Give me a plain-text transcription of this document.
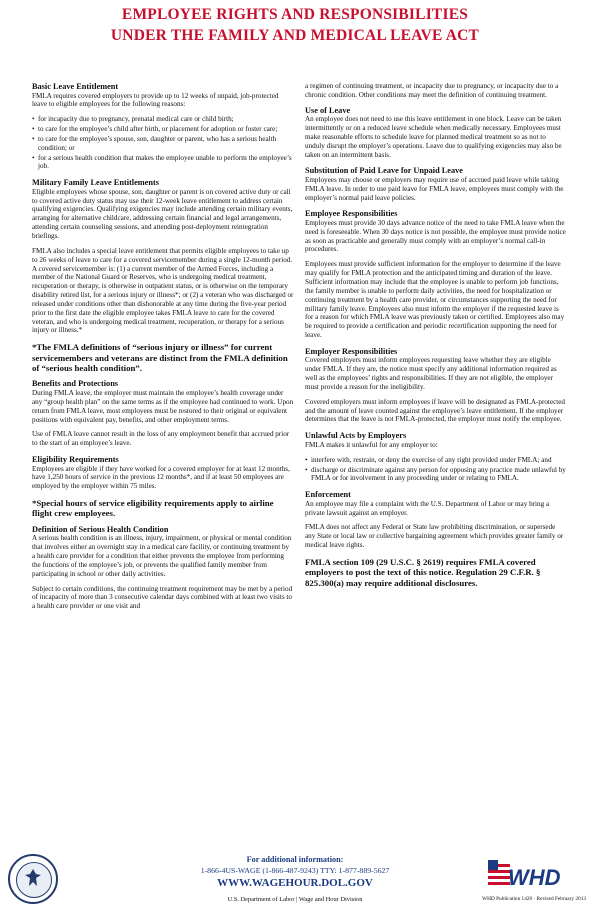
EMPLOYEE RIGHTS AND RESPONSIBILITIES
UNDER THE FAMILY AND MEDICAL LEAVE ACT
Basic Leave Entitlement

FMLA requires covered employers to provide up to 12 weeks of unpaid, job-protected leave to eligible employees for the following reasons:

• for incapacity due to pregnancy, prenatal medical care or child birth;
• to care for the employee’s child after birth, or placement for adoption or foster care;
• to care for the employee’s spouse, son, daughter or parent, who has a serious health condition; or
• for a serious health condition that makes the employee unable to perform the employee’s job.
Military Family Leave Entitlements

Eligible employees whose spouse, son, daughter or parent is on covered active duty or call to covered active duty status may use their 12-week leave entitlement to address certain qualifying exigencies. Qualifying exigencies may include attending certain military events, arranging for alternative childcare, addressing certain financial and legal arrangements, attending certain counseling sessions, and attending post-deployment reintegration briefings.

FMLA also includes a special leave entitlement that permits eligible employees to take up to 26 weeks of leave to care for a covered servicemember during a single 12-month period. A covered servicemember is: (1) a current member of the Armed Forces, including a member of the National Guard or Reserves, who is undergoing medical treatment, recuperation or therapy, is otherwise in outpatient status, or is otherwise on the temporary disability retired list, for a serious injury or illness*; or (2) a veteran who was discharged or released under conditions other than dishonorable at any time during the five-year period prior to the first date the eligible employee takes FMLA leave to care for the covered veteran, and who is undergoing medical treatment, recuperation, or therapy for a serious injury or illness.*

*The FMLA definitions of “serious injury or illness” for current servicemembers and veterans are distinct from the FMLA definition of “serious health condition”.

Benefits and Protections

During FMLA leave, the employer must maintain the employee’s health coverage under any “group health plan” on the same terms as if the employee had continued to work. Upon return from FMLA leave, most employees must be restored to their original or equivalent positions with equivalent pay, benefits, and other employment terms.

Use of FMLA leave cannot result in the loss of any employment benefit that accrued prior to the start of an employee’s leave.

Eligibility Requirements

Employees are eligible if they have worked for a covered employer for at least 12 months, have 1,250 hours of service in the previous 12 months*, and if at least 50 employees are employed by the employer within 75 miles.

*Special hours of service eligibility requirements apply to airline flight crew employees.

Definition of Serious Health Condition

A serious health condition is an illness, injury, impairment, or physical or mental condition that involves either an overnight stay in a medical care facility, or continuing treatment by a health care provider for a condition that either prevents the employee from performing the functions of the employee’s job, or prevents the qualified family member from participating in school or other daily activities.

Subject to certain conditions, the continuing treatment requirement may be met by a period of incapacity of more than 3 consecutive calendar days combined with at least two visits to a health care provider or one visit and

a regimen of continuing treatment, or incapacity due to pregnancy, or incapacity due to a chronic condition. Other conditions may meet the definition of continuing treatment.

Use of Leave

An employee does not need to use this leave entitlement in one block. Leave can be taken intermittently or on a reduced leave schedule when medically necessary. Employees must make reasonable efforts to schedule leave for planned medical treatment so as not to unduly disrupt the employer’s operations. Leave due to qualifying exigencies may also be taken on an intermittent basis.

Substitution of Paid Leave for Unpaid Leave

Employees may choose or employers may require use of accrued paid leave while taking FMLA leave. In order to use paid leave for FMLA leave, employees must comply with the employer’s normal paid leave policies.

Employee Responsibilities

Employees must provide 30 days advance notice of the need to take FMLA leave when the need is foreseeable. When 30 days notice is not possible, the employee must provide notice as soon as practicable and generally must comply with an employer’s normal call-in procedures.

Employees must provide sufficient information for the employer to determine if the leave may qualify for FMLA protection and the anticipated timing and duration of the leave. Sufficient information may include that the employee is unable to perform job functions, the family member is unable to perform daily activities, the need for hospitalization or continuing treatment by a health care provider, or circumstances supporting the need for military family leave. Employees also must inform the employer if the requested leave is for a reason for which FMLA leave was previously taken or certified. Employees also may be required to provide a certification and periodic recertification supporting the need for leave.

Employer Responsibilities

Covered employers must inform employees requesting leave whether they are eligible under FMLA. If they are, the notice must specify any additional information required as well as the employees’ rights and responsibilities. If they are not eligible, the employer must provide a reason for the ineligibility.

Covered employers must inform employees if leave will be designated as FMLA-protected and the amount of leave counted against the employee’s leave entitlement. If the employer determines that the leave is not FMLA-protected, the employer must notify the employee.

Unlawful Acts by Employers

FMLA makes it unlawful for any employer to:

• interfere with, restrain, or deny the exercise of any right provided under FMLA; and
• discharge or discriminate against any person for opposing any practice made unlawful by FMLA or for involvement in any proceeding under or relating to FMLA.
Enforcement

An employee may file a complaint with the U.S. Department of Labor or may bring a private lawsuit against an employer.

FMLA does not affect any Federal or State law prohibiting discrimination, or supersede any State or local law or collective bargaining agreement which provides greater family or medical leave rights.

FMLA section 109 (29 U.S.C. § 2619) requires FMLA covered employers to post the text of this notice. Regulation 29 C.F.R. § 825.300(a) may require additional disclosures.

For additional information:
1-866-4US-WAGE (1-866-487-9243) TTY: 1-877-889-5627
WWW.WAGEHOUR.DOL.GOV
U.S. Department of Labor | Wage and Hour Division
WHD
WHD Publication 1420 · Revised February 2013
